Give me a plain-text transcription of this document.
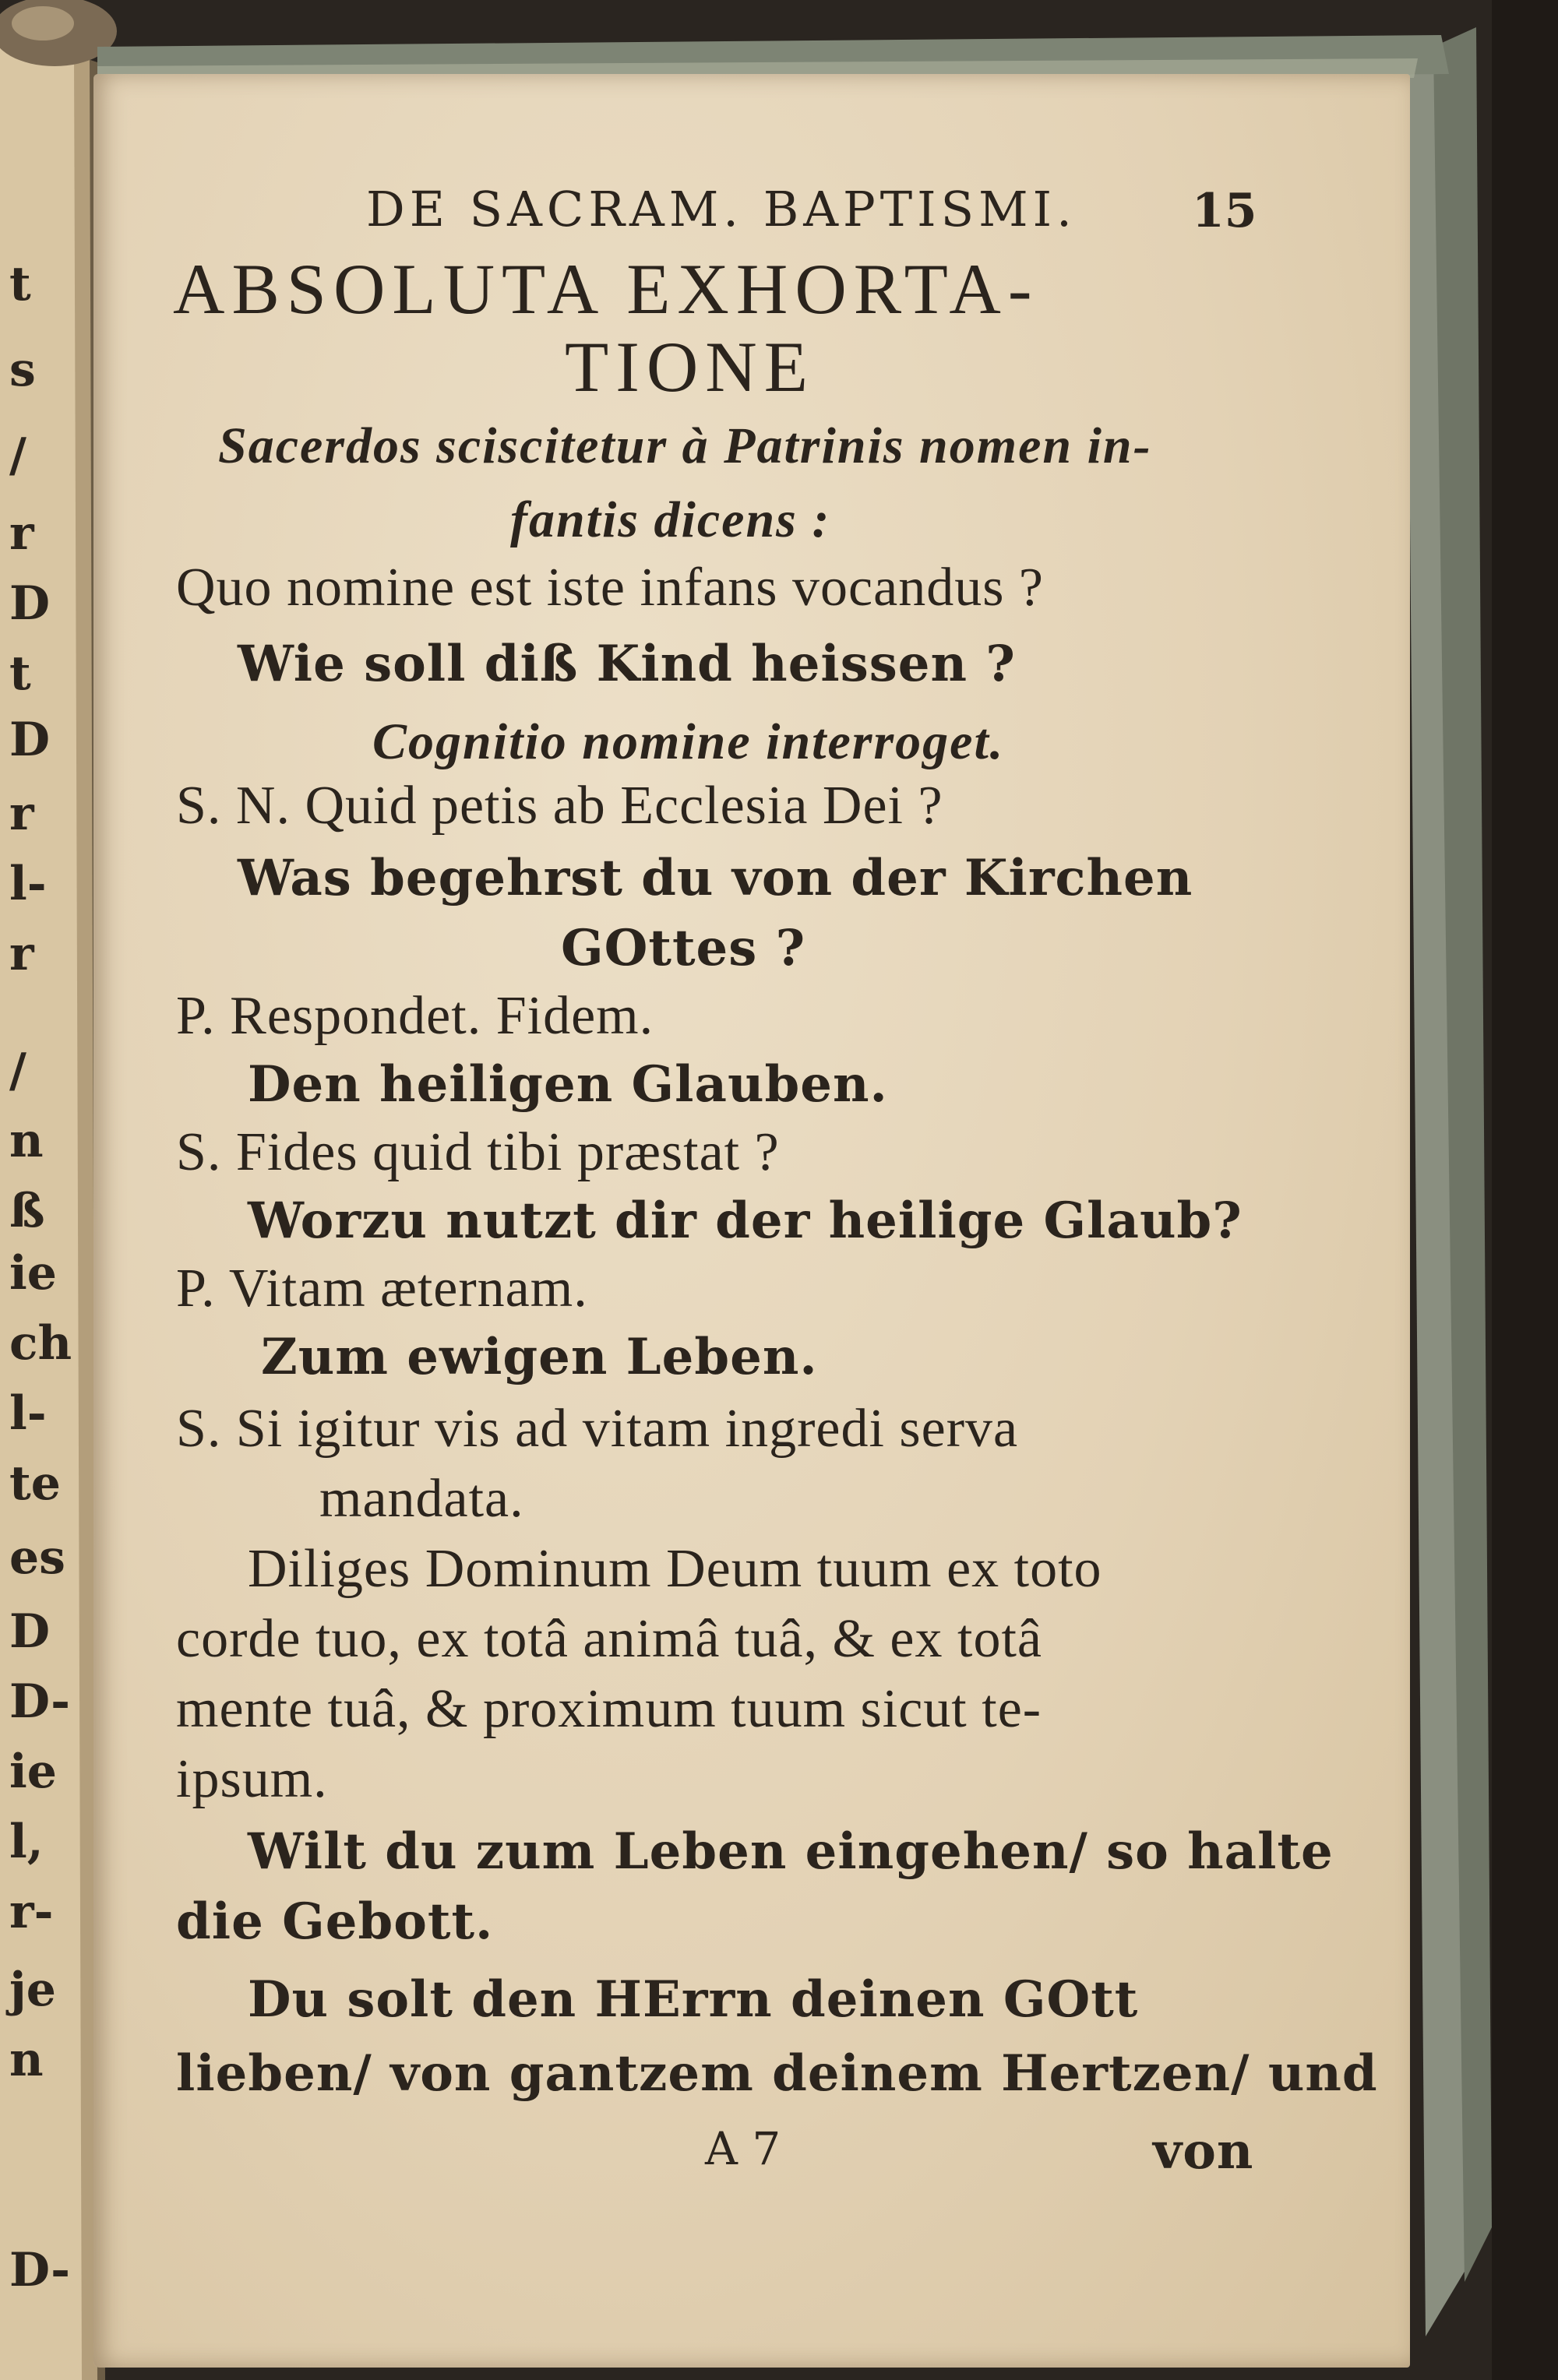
t
s
/
r
D
t
D
r
l-
r
/
n
ß
ie
ch
l-
te
es
D
D-
ie
l,
r-
je
n
D-
DE SACRAM. BAPTISMI. 15
ABSOLUTA EXHORTA-
TIONE
Sacerdos sciscitetur à Patrinis nomen in-
fantis dicens :
Quo nomine est iste infans vocandus ?
Wie soll diß Kind heissen ?
Cognitio nomine interroget.
S. N. Quid petis ab Ecclesia Dei ?
Was begehrst du von der Kirchen
GOttes ?
P. Respondet. Fidem.
Den heiligen Glauben.
S. Fides quid tibi præstat ?
Worzu nutzt dir der heilige Glaub?
P. Vitam æternam.
Zum ewigen Leben.
S. Si igitur vis ad vitam ingredi serva
mandata.
Diliges Dominum Deum tuum ex toto
corde tuo, ex totâ animâ tuâ, & ex totâ
mente tuâ, & proximum tuum sicut te-
ipsum.
Wilt du zum Leben eingehen/ so halte
die Gebott.
Du solt den HErrn deinen GOtt
lieben/ von gantzem deinem Hertzen/ und
A 7	von
